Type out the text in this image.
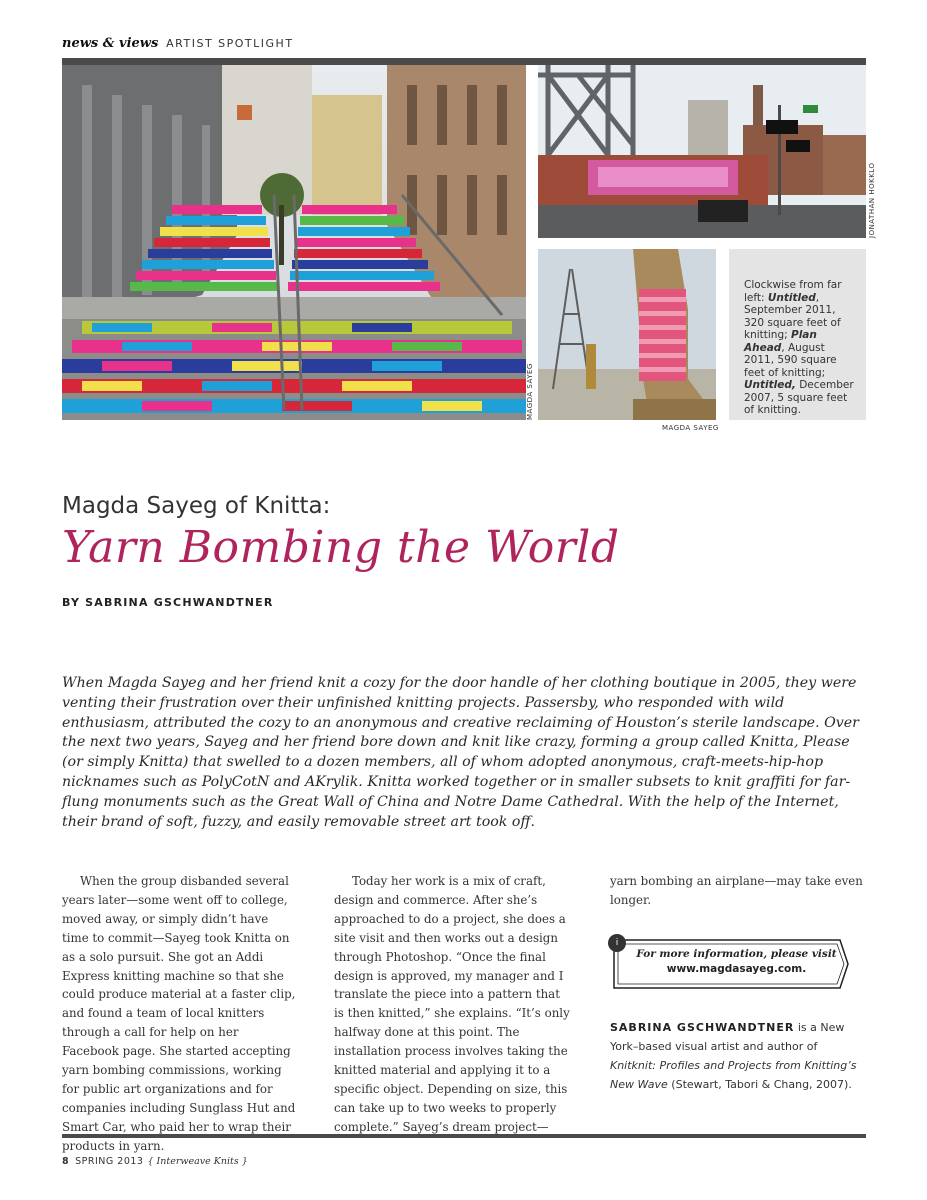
news & views ARTIST SPOTLIGHT
MAGDA SAYEG
JONATHAN HOKKLO
MAGDA SAYEG
Clockwise from far left: Untitled, September 2011, 320 square feet of knitting; Plan Ahead, August 2011, 590 square feet of knitting; Untitled, December 2007, 5 square feet of knitting.
Magda Sayeg of Knitta:
Yarn Bombing the World
BY SABRINA GSCHWANDTNER
When Magda Sayeg and her friend knit a cozy for the door handle of her clothing boutique in 2005, they were venting their frustration over their unfinished knitting projects. Passersby, who responded with wild enthusiasm, attributed the cozy to an anonymous and creative reclaiming of Houston’s sterile landscape. Over the next two years, Sayeg and her friend bore down and knit like crazy, forming a group called Knitta, Please (or simply Knitta) that swelled to a dozen members, all of whom adopted anonymous, craft-meets-hip-hop nicknames such as PolyCotN and AKrylik. Knitta worked together or in smaller subsets to knit graffiti for far-flung monuments such as the Great Wall of China and Notre Dame Cathedral. With the help of the Internet, their brand of soft, fuzzy, and easily removable street art took off.

When the group disbanded several years later—some went off to college, moved away, or simply didn’t have time to commit—Sayeg took Knitta on as a solo pursuit. She got an Addi Express knitting machine so that she could produce material at a faster clip, and found a team of local knitters through a call for help on her Facebook page. She started accepting yarn bombing commissions, working for public art organizations and for companies including Sunglass Hut and Smart Car, who paid her to wrap their products in yarn.

Today her work is a mix of craft, design and commerce. After she’s approached to do a project, she does a site visit and then works out a design through Photoshop. “Once the final design is approved, my manager and I translate the piece into a pattern that is then knitted,” she explains. “It’s only halfway done at this point. The installation process involves taking the knitted material and applying it to a specific object. Depending on size, this can take up to two weeks to properly complete.” Sayeg’s dream project—

yarn bombing an airplane—may take even longer.

i
For more information, please visit
www.magdasayeg.com.
SABRINA GSCHWANDTNER is a New York–based visual artist and author of Knitknit: Profiles and Projects from Knitting’s New Wave (Stewart, Tabori & Chang, 2007).
8 SPRING 2013 { Interweave Knits }
